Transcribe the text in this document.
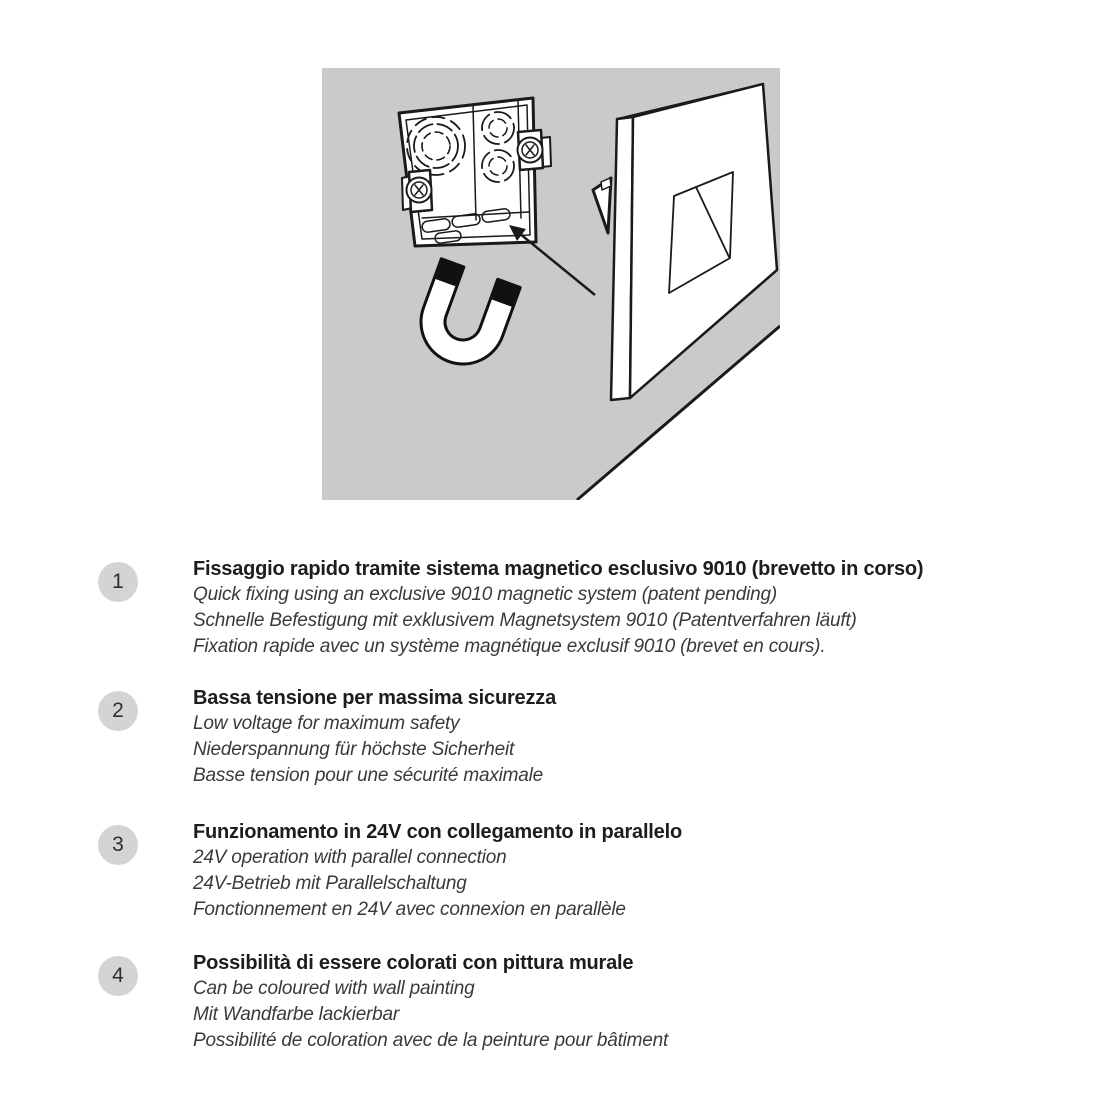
1
Fissaggio rapido tramite sistema magnetico esclusivo 9010 (brevetto in corso)
Quick fixing using an exclusive 9010 magnetic system (patent pending)
Schnelle Befestigung mit exklusivem Magnetsystem 9010 (Patentverfahren läuft)
Fixation rapide avec un système magnétique exclusif 9010 (brevet en cours).
2
Bassa tensione per massima sicurezza
Low voltage for maximum safety
Niederspannung für höchste Sicherheit
Basse tension pour une sécurité maximale
3
Funzionamento in 24V con collegamento in parallelo
24V operation with parallel connection
24V-Betrieb mit Parallelschaltung
Fonctionnement en 24V avec connexion en parallèle
4
Possibilità di essere colorati con pittura murale
Can be coloured with wall painting
Mit Wandfarbe lackierbar
Possibilité de coloration avec de la peinture pour bâtiment
